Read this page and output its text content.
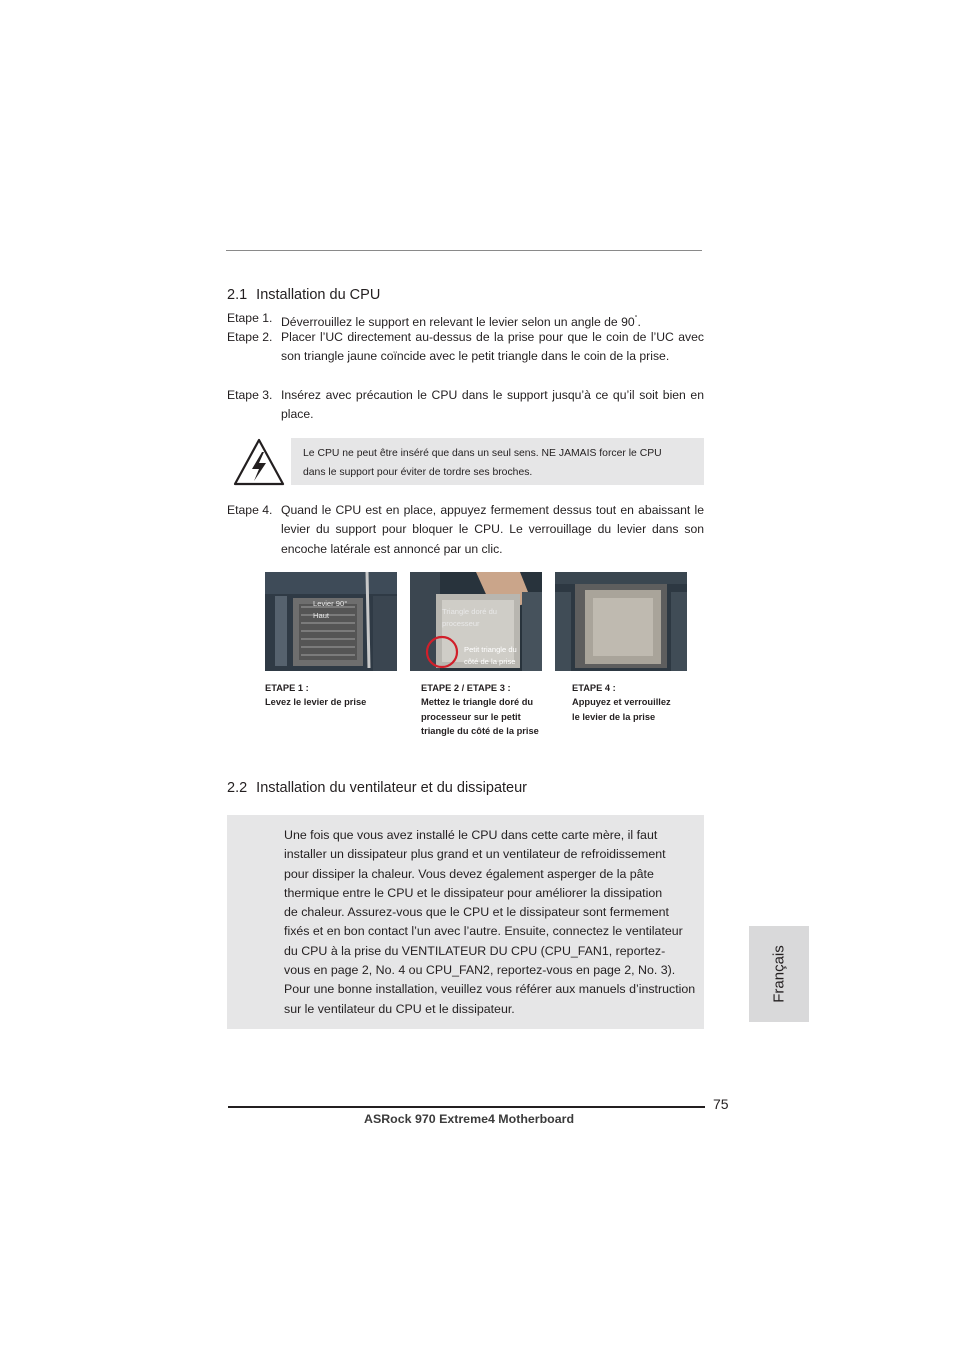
2.1 Installation du CPU
Etape 1. Déverrouillez le support en relevant le levier selon un angle de 90°.
Etape 2. Placer l’UC directement au-dessus de la prise pour que le coin de l’UC avec son triangle jaune coïncide avec le petit triangle dans le coin de la prise.
Etape 3. Insérez avec précaution le CPU dans le support jusqu’à ce qu’il soit bien en place.
Le CPU ne peut être inséré que dans un seul sens. NE JAMAIS forcer le CPU
dans le support pour éviter de tordre ses broches.
Etape 4. Quand le CPU est en place, appuyez fermement dessus tout en abaissant le levier du support pour bloquer le CPU. Le verrouillage du levier dans son encoche latérale est annoncé par un clic.
Levier 90°
Haut	Triangle doré du
processeur
Petit triangle du
côté de la prise
ETAPE 1 :
Levez le levier de prise
ETAPE 2 / ETAPE 3 :
Mettez le triangle doré du
processeur sur le petit
triangle du côté de la prise
ETAPE 4 :
Appuyez et verrouillez
le levier de la prise
2.2 Installation du ventilateur et du dissipateur
Une fois que vous avez installé le CPU dans cette carte mère, il faut
installer un dissipateur plus grand et un ventilateur de refroidissement
pour dissiper la chaleur. Vous devez également asperger de la pâte
thermique entre le CPU et le dissipateur pour améliorer la dissipation
de chaleur. Assurez-vous que le CPU et le dissipateur sont fermement
fixés et en bon contact l’un avec l’autre. Ensuite, connectez le ventilateur
du CPU à la prise du VENTILATEUR DU CPU (CPU_FAN1, reportez-
vous en page 2, No. 4 ou CPU_FAN2, reportez-vous en page 2, No. 3).
Pour une bonne installation, veuillez vous référer aux manuels d’instruction
sur le ventilateur du CPU et le dissipateur.
Français
75
ASRock 970 Extreme4 Motherboard
